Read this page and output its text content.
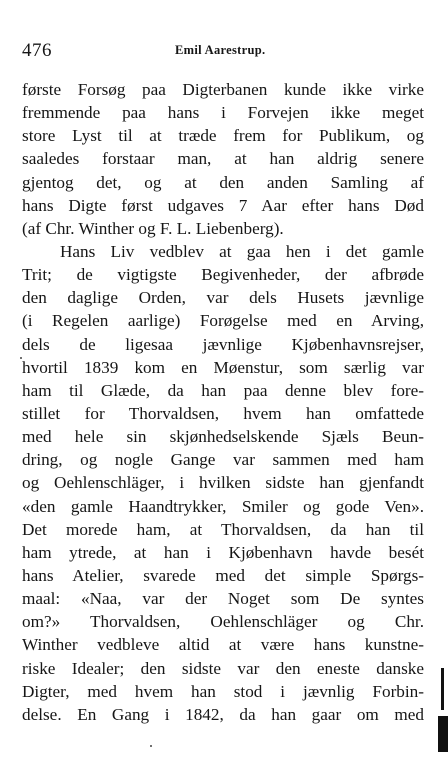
476	Emil Aarestrup.
første Forsøg paa Digterbanen kunde ikke virke
fremmende paa hans i Forvejen ikke meget
store Lyst til at træde frem for Publikum, og
saaledes forstaar man, at han aldrig senere
gjentog det, og at den anden Samling af
hans Digte først udgaves 7 Aar efter hans Død
(af Chr. Winther og F. L. Liebenberg).
Hans Liv vedblev at gaa hen i det gamle
Trit; de vigtigste Begivenheder, der afbrøde
den daglige Orden, var dels Husets jævnlige
(i Regelen aarlige) Forøgelse med en Arving,
dels de ligesaa jævnlige Kjøbenhavnsrejser,
hvortil 1839 kom en Møenstur, som særlig var
ham til Glæde, da han paa denne blev fore-
stillet for Thorvaldsen, hvem han omfattede
med hele sin skjønhedselskende Sjæls Beun-
dring, og nogle Gange var sammen med ham
og Oehlenschläger, i hvilken sidste han gjenfandt
«den gamle Haandtrykker, Smiler og gode Ven».
Det morede ham, at Thorvaldsen, da han til
ham ytrede, at han i Kjøbenhavn havde besét
hans Atelier, svarede med det simple Spørgs-
maal: «Naa, var der Noget som De syntes
om?» Thorvaldsen, Oehlenschläger og Chr.
Winther vedbleve altid at være hans kunstne-
riske Idealer; den sidste var den eneste danske
Digter, med hvem han stod i jævnlig Forbin-
delse. En Gang i 1842, da han gaar om med
